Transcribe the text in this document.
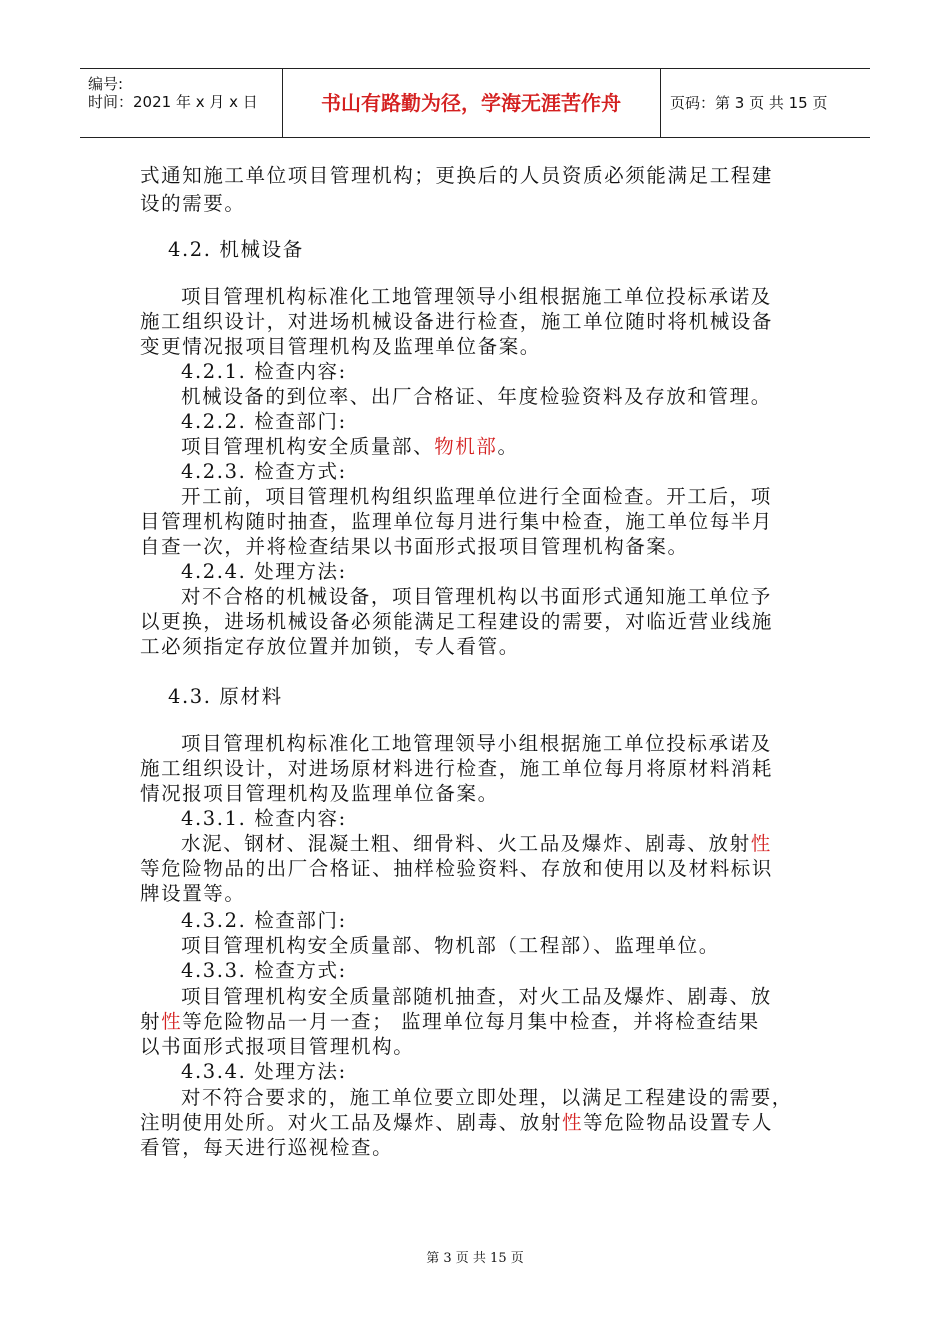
编号:
时间：2021 年 x 月 x 日	书山有路勤为径，学海无涯苦作舟	页码：第 3 页 共 15 页
式通知施工单位项目管理机构；更换后的人员资质必须能满足工程建
设的需要。
4.2. 机械设备
项目管理机构标准化工地管理领导小组根据施工单位投标承诺及
施工组织设计，对进场机械设备进行检查，施工单位随时将机械设备
变更情况报项目管理机构及监理单位备案。
4.2.1. 检查内容:
机械设备的到位率、出厂合格证、年度检验资料及存放和管理。
4.2.2. 检查部门:
项目管理机构安全质量部、物机部。
4.2.3. 检查方式:
开工前，项目管理机构组织监理单位进行全面检查。开工后，项
目管理机构随时抽查，监理单位每月进行集中检查，施工单位每半月
自查一次，并将检查结果以书面形式报项目管理机构备案。
4.2.4. 处理方法:
对不合格的机械设备，项目管理机构以书面形式通知施工单位予
以更换，进场机械设备必须能满足工程建设的需要，对临近营业线施
工必须指定存放位置并加锁，专人看管。
4.3. 原材料
项目管理机构标准化工地管理领导小组根据施工单位投标承诺及
施工组织设计，对进场原材料进行检查，施工单位每月将原材料消耗
情况报项目管理机构及监理单位备案。
4.3.1. 检查内容:
水泥、钢材、混凝土粗、细骨料、火工品及爆炸、剧毒、放射性
等危险物品的出厂合格证、抽样检验资料、存放和使用以及材料标识
牌设置等。
4.3.2. 检查部门:
项目管理机构安全质量部、物机部（工程部）、监理单位。
4.3.3. 检查方式:
项目管理机构安全质量部随机抽查，对火工品及爆炸、剧毒、放
射性等危险物品一月一查； 监理单位每月集中检查，并将检查结果
以书面形式报项目管理机构。
4.3.4. 处理方法:
对不符合要求的，施工单位要立即处理，以满足工程建设的需要，
注明使用处所。对火工品及爆炸、剧毒、放射性等危险物品设置专人
看管，每天进行巡视检查。
第 3 页 共 15 页
